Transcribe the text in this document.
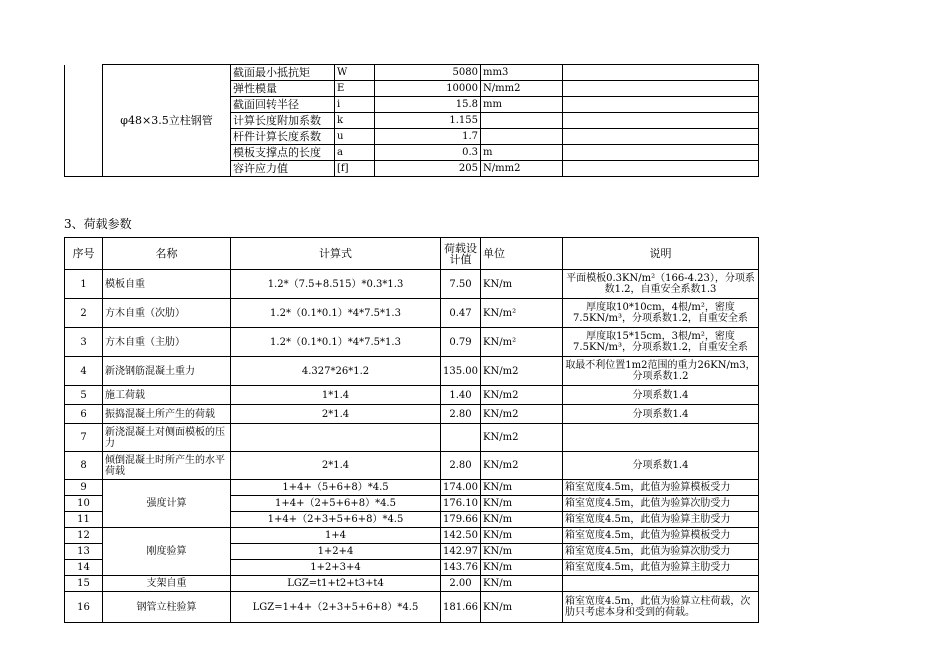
	φ48×3.5立柱钢管	截面最小抵抗矩	W	5080	mm3	
		弹性模量	E	10000	N/mm2	
		截面回转半径	i	15.8	mm	
		计算长度附加系数	k	1.155		
		杆件计算长度系数	u	1.7		
		模板支撑点的长度	a	0.3	m	
		容许应力值	[f]	205	N/mm2	
3、荷载参数
序号	名称	计算式	荷载设计值	单位	说明
1	模板自重	1.2*（7.5+8.515）*0.3*1.3	7.50	KN/m	平面模板0.3KN/m²（166-4.23），分项系数1.2，自重安全系数1.3
2	方木自重（次肋）	1.2*（0.1*0.1）*4*7.5*1.3	0.47	KN/m²	厚度取10*10cm，4根/m²，密度7.5KN/m³，分项系数1.2，自重安全系
3	方木自重（主肋）	1.2*（0.1*0.1）*4*7.5*1.3	0.79	KN/m²	厚度取15*15cm，3根/m²，密度7.5KN/m³，分项系数1.2，自重安全系
4	新浇钢筋混凝土重力	4.327*26*1.2	135.00	KN/m2	取最不利位置1m2范围的重力26KN/m3，分项系数1.2
5	施工荷载	1*1.4	1.40	KN/m2	分项系数1.4
6	振捣混凝土所产生的荷载	2*1.4	2.80	KN/m2	分项系数1.4
7	新浇混凝土对侧面模板的压力			KN/m2	
8	倾倒混凝土时所产生的水平荷载	2*1.4	2.80	KN/m2	分项系数1.4
9	强度计算	1+4+（5+6+8）*4.5	174.00	KN/m	箱室宽度4.5m，此值为验算模板受力
10		1+4+（2+5+6+8）*4.5	176.10	KN/m	箱室宽度4.5m，此值为验算次肋受力
11		1+4+（2+3+5+6+8）*4.5	179.66	KN/m	箱室宽度4.5m，此值为验算主肋受力
12	刚度验算	1+4	142.50	KN/m	箱室宽度4.5m，此值为验算模板受力
13		1+2+4	142.97	KN/m	箱室宽度4.5m，此值为验算次肋受力
14		1+2+3+4	143.76	KN/m	箱室宽度4.5m，此值为验算主肋受力
15	支架自重	LGZ=t1+t2+t3+t4	2.00	KN/m	
16	钢管立柱验算	LGZ=1+4+（2+3+5+6+8）*4.5	181.66	KN/m	箱室宽度4.5m，此值为验算立柱荷载，次肋只考虑本身和受到的荷载。
